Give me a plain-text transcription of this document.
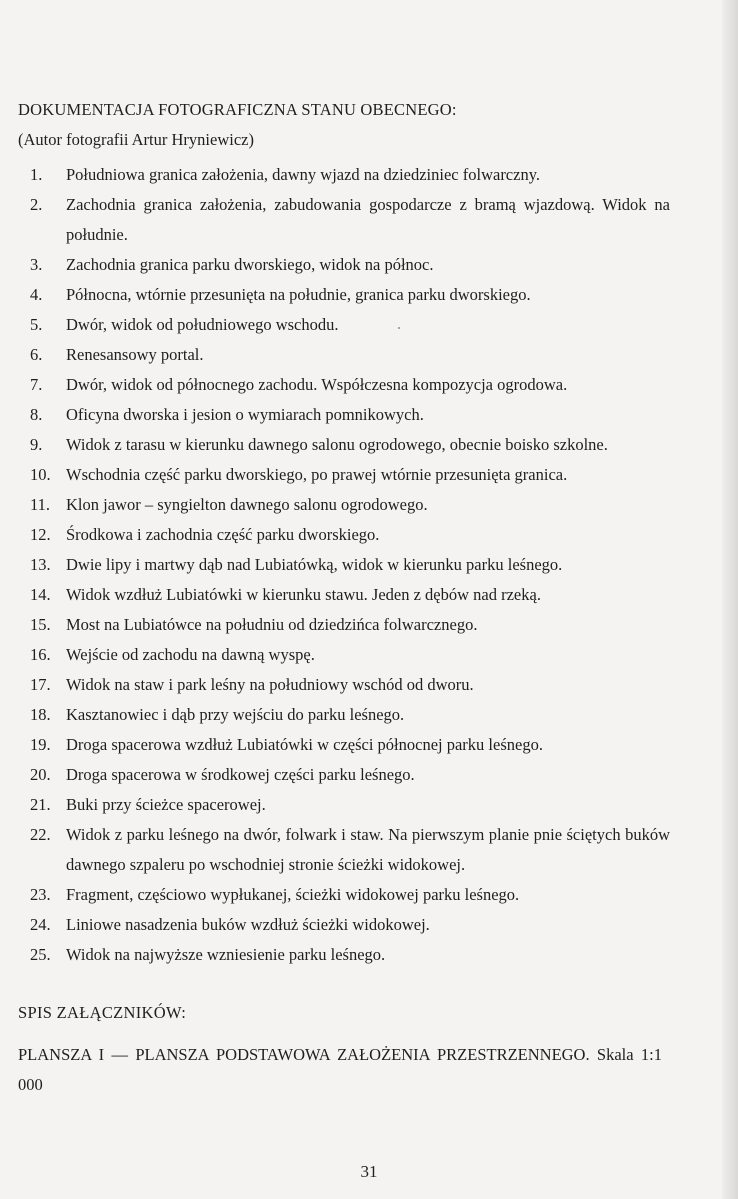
DOKUMENTACJA FOTOGRAFICZNA STANU OBECNEGO:
(Autor fotografii Artur Hryniewicz)
1.	Południowa granica założenia, dawny wjazd na dziedziniec folwarczny.
2.	Zachodnia granica założenia, zabudowania gospodarcze z bramą wjazdową. Widok na południe.
3.	Zachodnia granica parku dworskiego, widok na północ.
4.	Północna, wtórnie przesunięta na południe, granica parku dworskiego.
5.	Dwór, widok od południowego wschodu.
6.	Renesansowy portal.
7.	Dwór, widok od północnego zachodu. Współczesna kompozycja ogrodowa.
8.	Oficyna dworska i jesion o wymiarach pomnikowych.
9.	Widok z tarasu w kierunku dawnego salonu ogrodowego, obecnie boisko szkolne.
10. Wschodnia część parku dworskiego, po prawej wtórnie przesunięta granica.
11. Klon jawor – syngielton dawnego salonu ogrodowego.
12. Środkowa i zachodnia część parku dworskiego.
13. Dwie lipy i martwy dąb nad Lubiatówką, widok w kierunku parku leśnego.
14. Widok wzdłuż Lubiatówki w kierunku stawu. Jeden z dębów nad rzeką.
15. Most na Lubiatówce na południu od dziedzińca folwarcznego.
16. Wejście od zachodu na dawną wyspę.
17. Widok na staw i park leśny na południowy wschód od dworu.
18. Kasztanowiec i dąb przy wejściu do parku leśnego.
19. Droga spacerowa wzdłuż Lubiatówki w części północnej parku leśnego.
20. Droga spacerowa w środkowej części parku leśnego.
21. Buki przy ścieżce spacerowej.
22. Widok z parku leśnego na dwór, folwark i staw. Na pierwszym planie pnie ściętych buków dawnego szpaleru po wschodniej stronie ścieżki widokowej.
23. Fragment, częściowo wypłukanej, ścieżki widokowej parku leśnego.
24. Liniowe nasadzenia buków wzdłuż ścieżki widokowej.
25. Widok na najwyższe wzniesienie parku leśnego.
SPIS ZAŁĄCZNIKÓW:
PLANSZA I — PLANSZA PODSTAWOWA ZAŁOŻENIA PRZESTRZENNEGO. Skala 1:1 000
31
